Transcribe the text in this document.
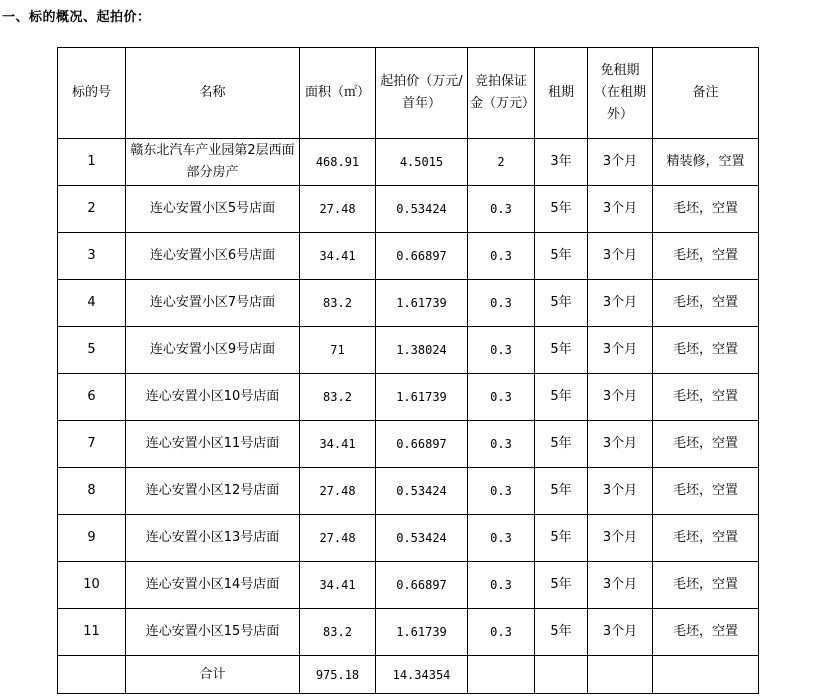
一、标的概况、起拍价：
标的号	名称	面积（㎡）	起拍价（万元/首年）	竞拍保证金（万元）	租期	免租期（在租期外）	备注
1	赣东北汽车产业园第2层西面部分房产	468.91	4.5015	2	3年	3个月	精装修，空置
2	连心安置小区5号店面	27.48	0.53424	0.3	5年	3个月	毛坯，空置
3	连心安置小区6号店面	34.41	0.66897	0.3	5年	3个月	毛坯，空置
4	连心安置小区7号店面	83.2	1.61739	0.3	5年	3个月	毛坯，空置
5	连心安置小区9号店面	71	1.38024	0.3	5年	3个月	毛坯，空置
6	连心安置小区10号店面	83.2	1.61739	0.3	5年	3个月	毛坯，空置
7	连心安置小区11号店面	34.41	0.66897	0.3	5年	3个月	毛坯，空置
8	连心安置小区12号店面	27.48	0.53424	0.3	5年	3个月	毛坯，空置
9	连心安置小区13号店面	27.48	0.53424	0.3	5年	3个月	毛坯，空置
10	连心安置小区14号店面	34.41	0.66897	0.3	5年	3个月	毛坯，空置
11	连心安置小区15号店面	83.2	1.61739	0.3	5年	3个月	毛坯，空置
	合计	975.18	14.34354				
